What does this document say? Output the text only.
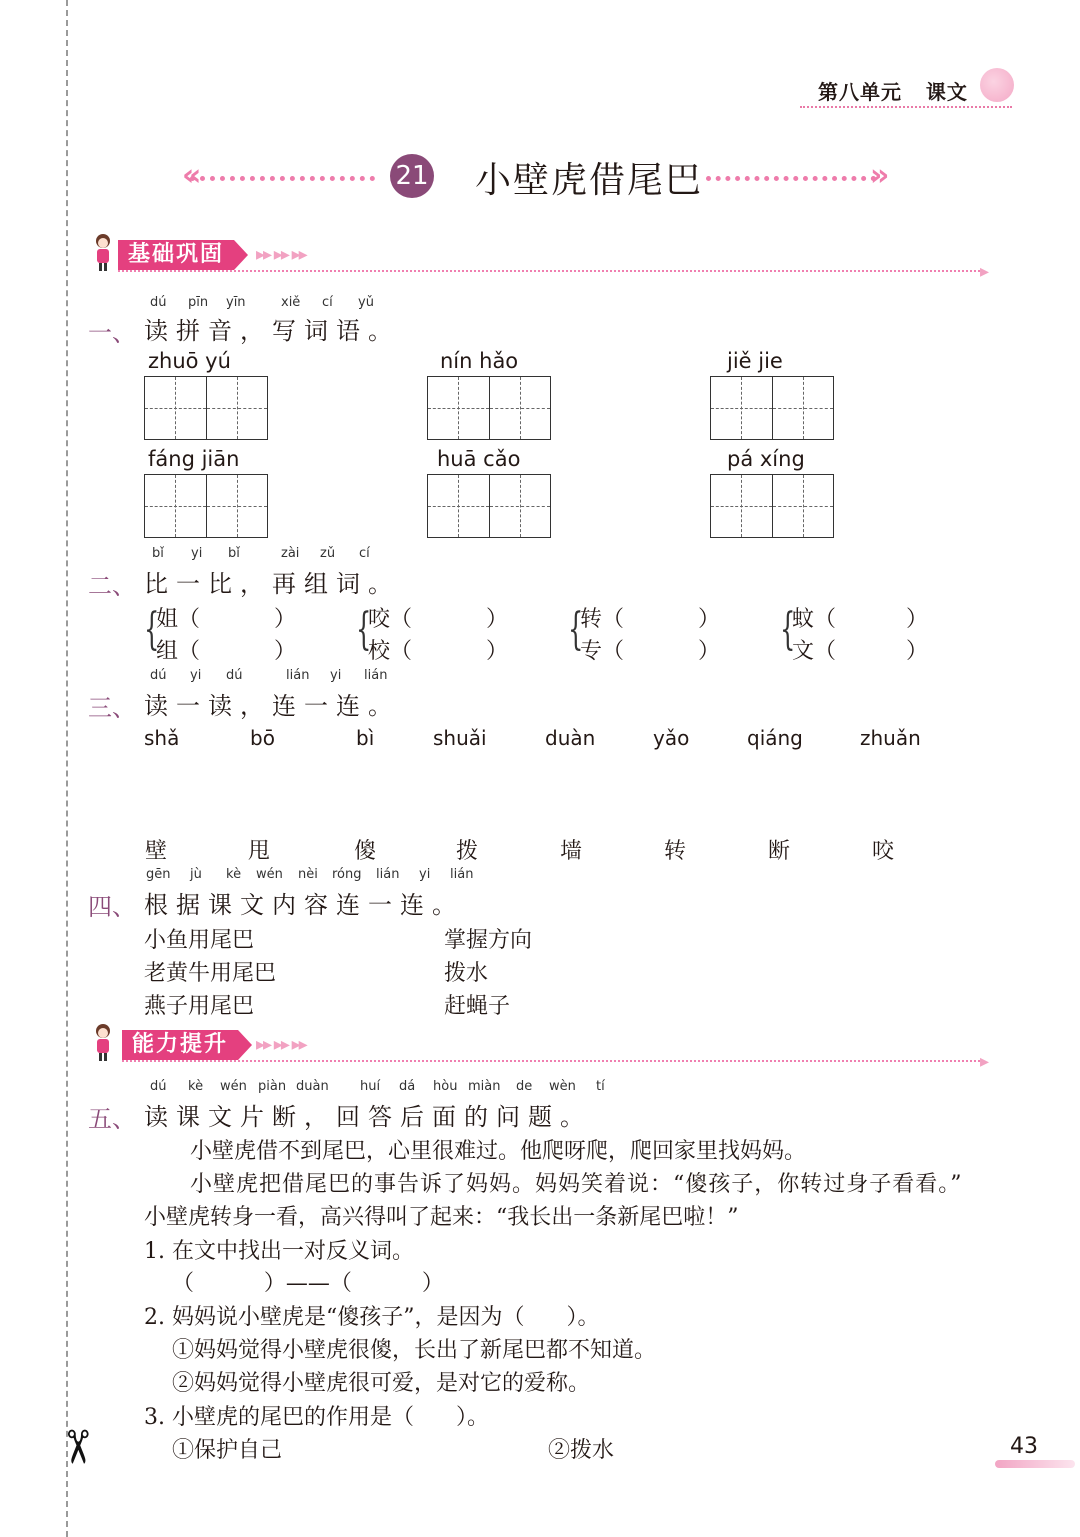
✂
第八单元 课文
«	21 小壁虎借尾巴	»
基础巩固	▸▸ ▸▸ ▸▸
▸
dú pīn yīn	xiě cí yǔ
一、 读拼音，写词语。
zhuō yú	nín hǎo	jiě jie
fáng jiān	huā cǎo	pá xíng
bǐ yi bǐ	zài zǔ cí
二、 比一比，再组词。
{
姐（	）
组（	） {
咬（	）
校（	） {
转（	）
专（	） {
蚊（	）
文（	）
dú yi dú	lián yi lián
三、 读一读，连一连。
shǎ	bō	bì	shuǎi	duàn	yǎo	qiáng	zhuǎn
壁	甩	傻	拨	墙	转	断	咬
gēn jù kè wén nèi róng lián yi lián
四、 根据课文内容连一连。
小鱼用尾巴
老黄牛用尾巴
燕子用尾巴
掌握方向
拨水
赶蝇子
能力提升	▸▸ ▸▸ ▸▸
▸
dú kè wén piàn duàn huí dá hòu miàn de wèn tí
五、 读课文片断，回答后面的问题。
小壁虎借不到尾巴，心里很难过。他爬呀爬，爬回家里找妈妈。
小壁虎把借尾巴的事告诉了妈妈。妈妈笑着说：“傻孩子，你转过身子看看。”
小壁虎转身一看，高兴得叫了起来：“我长出一条新尾巴啦！”
1. 在文中找出一对反义词。
（          ）——（          ）
2. 妈妈说小壁虎是“傻孩子”，是因为（      ）。
①妈妈觉得小壁虎很傻，长出了新尾巴都不知道。
②妈妈觉得小壁虎很可爱，是对它的爱称。
3. 小壁虎的尾巴的作用是（      ）。
①保护自己	②拨水	43
